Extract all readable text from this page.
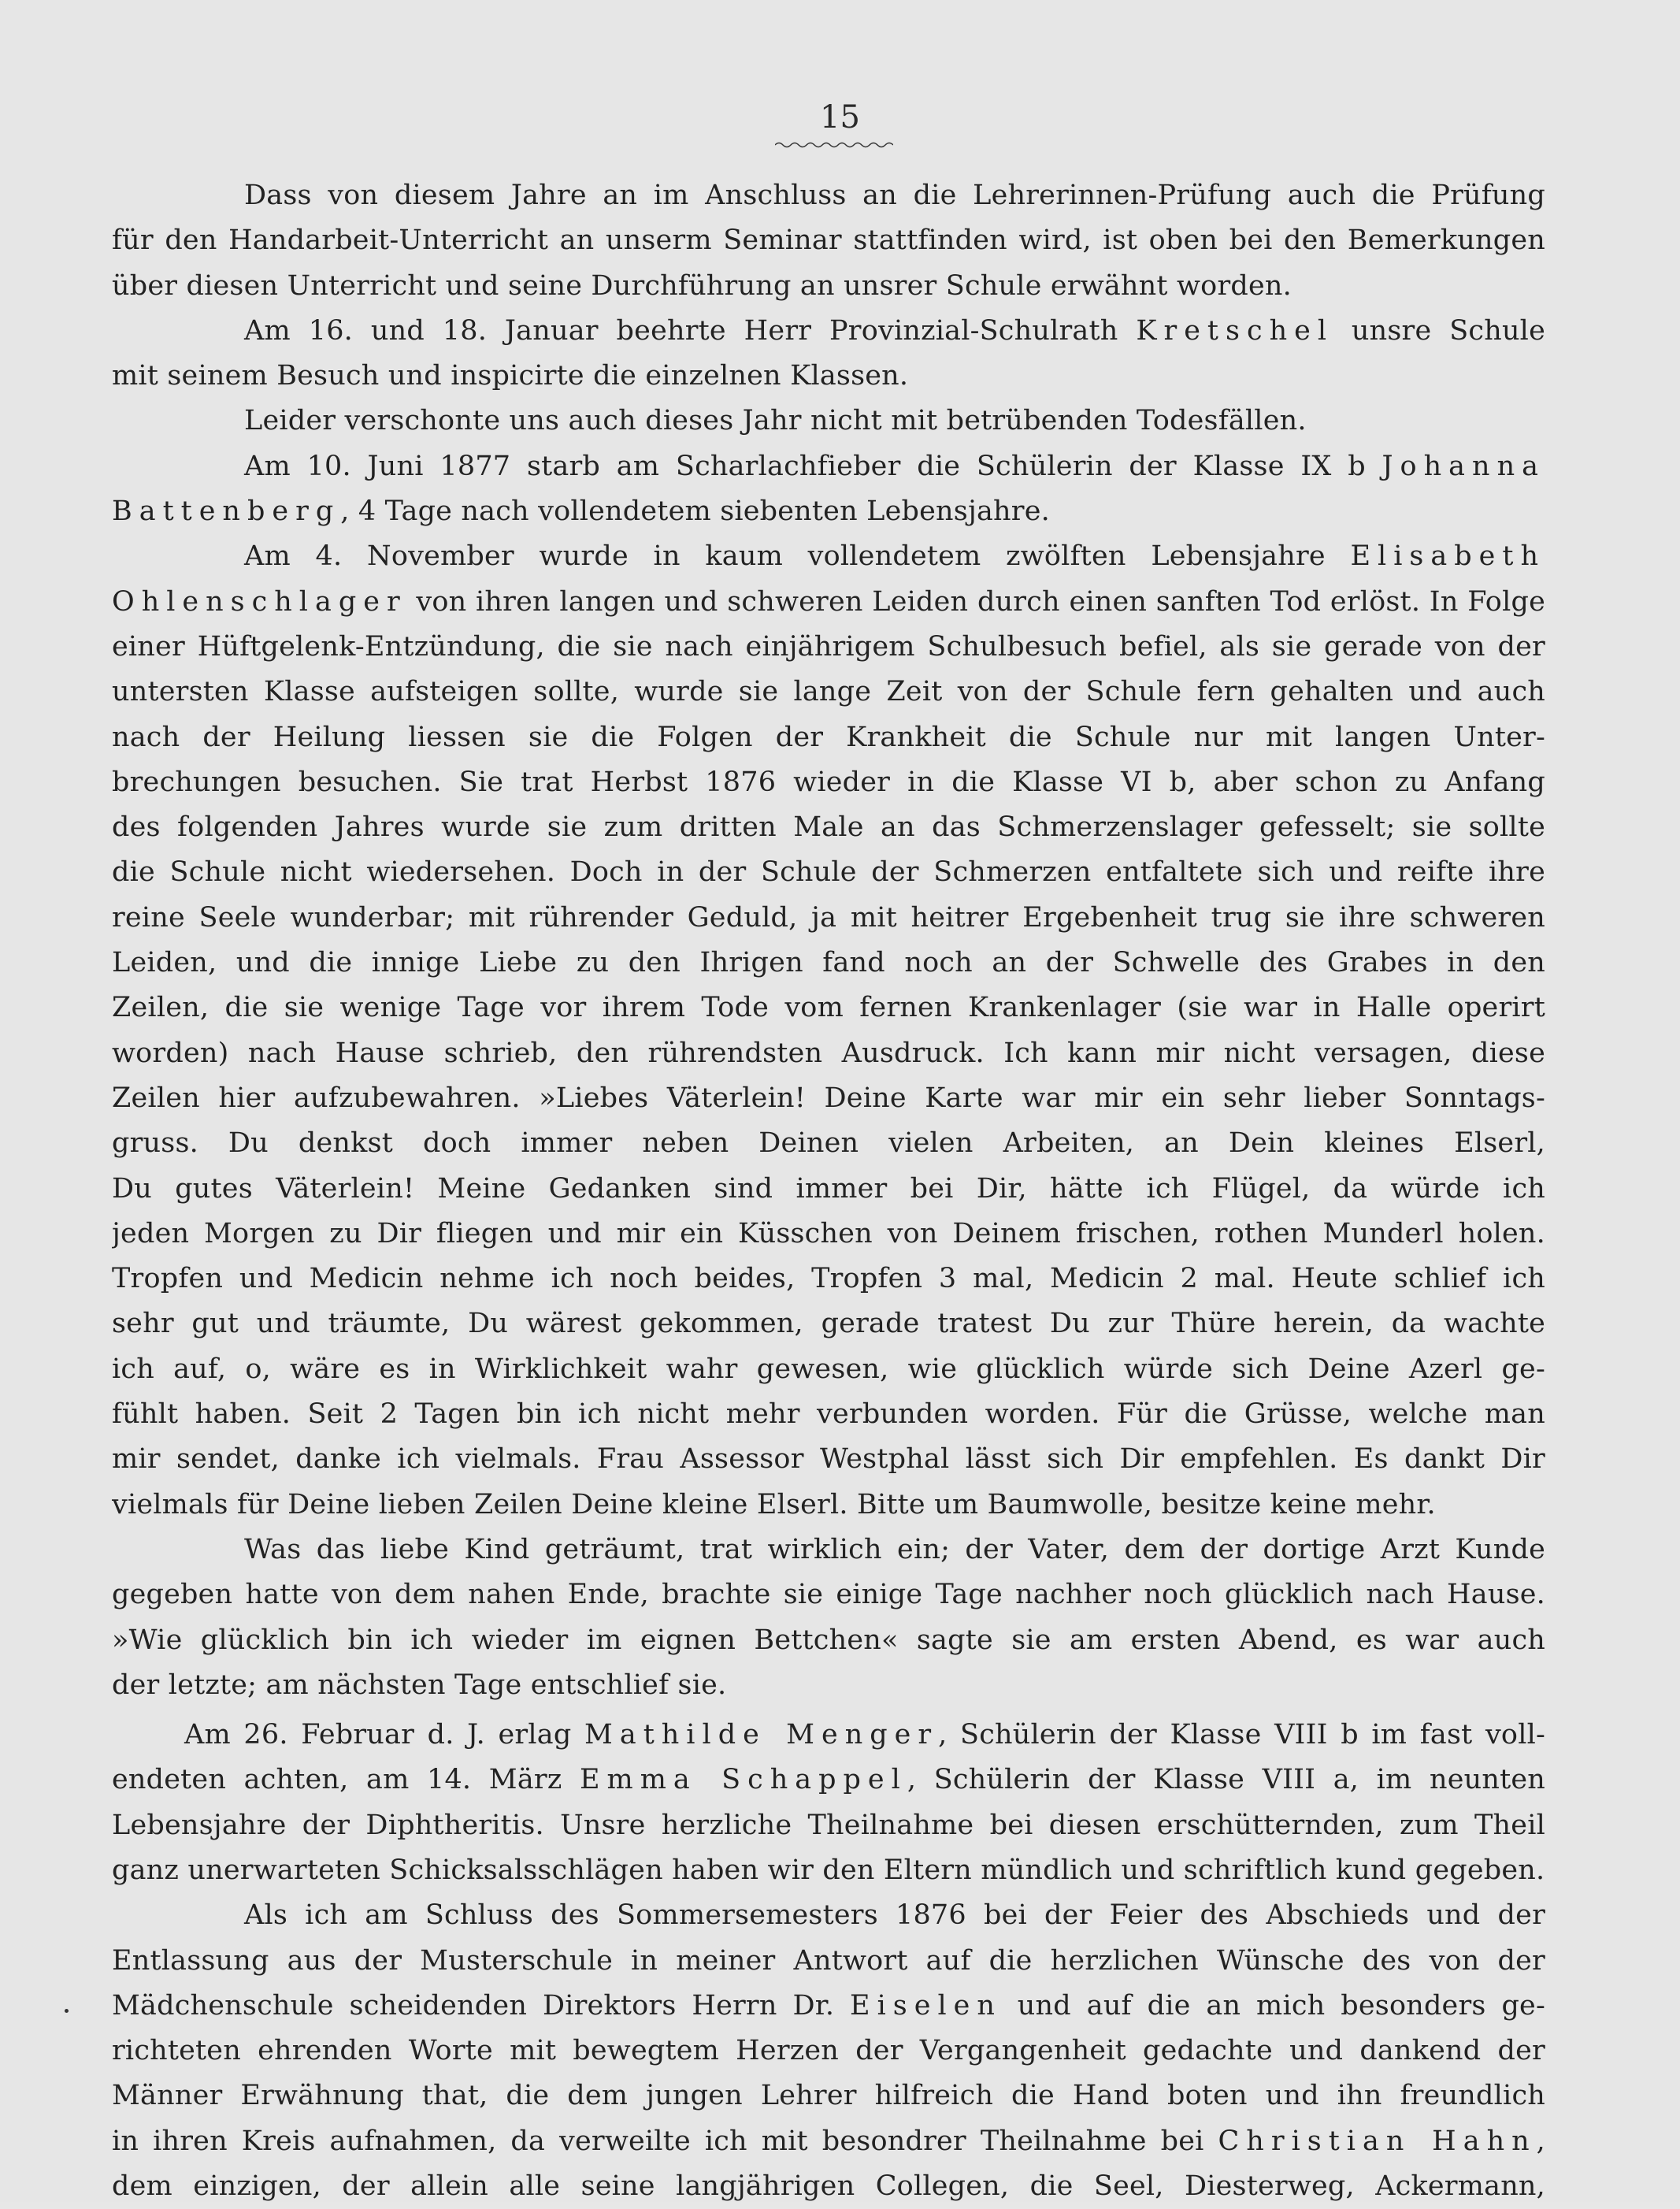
15
Dass von diesem Jahre an im Anschluss an die Lehrerinnen-Prüfung auch die Prüfung
für den Handarbeit-Unterricht an unserm Seminar stattfinden wird, ist oben bei den Bemerkungen
über diesen Unterricht und seine Durchführung an unsrer Schule erwähnt worden.
Am 16. und 18. Januar beehrte Herr Provinzial-Schulrath Kretschel unsre Schule
mit seinem Besuch und inspicirte die einzelnen Klassen.
Leider verschonte uns auch dieses Jahr nicht mit betrübenden Todesfällen.
Am 10. Juni 1877 starb am Scharlachfieber die Schülerin der Klasse IX b Johanna
Battenberg, 4 Tage nach vollendetem siebenten Lebensjahre.
Am 4. November wurde in kaum vollendetem zwölften Lebensjahre Elisabeth
Ohlenschlager von ihren langen und schweren Leiden durch einen sanften Tod erlöst. In Folge
einer Hüftgelenk-Entzündung, die sie nach einjährigem Schulbesuch befiel, als sie gerade von der
untersten Klasse aufsteigen sollte, wurde sie lange Zeit von der Schule fern gehalten und auch
nach der Heilung liessen sie die Folgen der Krankheit die Schule nur mit langen Unter-
brechungen besuchen. Sie trat Herbst 1876 wieder in die Klasse VI b, aber schon zu Anfang
des folgenden Jahres wurde sie zum dritten Male an das Schmerzenslager gefesselt; sie sollte
die Schule nicht wiedersehen. Doch in der Schule der Schmerzen entfaltete sich und reifte ihre
reine Seele wunderbar; mit rührender Geduld, ja mit heitrer Ergebenheit trug sie ihre schweren
Leiden, und die innige Liebe zu den Ihrigen fand noch an der Schwelle des Grabes in den
Zeilen, die sie wenige Tage vor ihrem Tode vom fernen Krankenlager (sie war in Halle operirt
worden) nach Hause schrieb, den rührendsten Ausdruck. Ich kann mir nicht versagen, diese
Zeilen hier aufzubewahren. »Liebes Väterlein! Deine Karte war mir ein sehr lieber Sonntags-
gruss. Du denkst doch immer neben Deinen vielen Arbeiten, an Dein kleines Elserl,
Du gutes Väterlein! Meine Gedanken sind immer bei Dir, hätte ich Flügel, da würde ich
jeden Morgen zu Dir fliegen und mir ein Küsschen von Deinem frischen, rothen Munderl holen.
Tropfen und Medicin nehme ich noch beides, Tropfen 3 mal, Medicin 2 mal. Heute schlief ich
sehr gut und träumte, Du wärest gekommen, gerade tratest Du zur Thüre herein, da wachte
ich auf, o, wäre es in Wirklichkeit wahr gewesen, wie glücklich würde sich Deine Azerl ge-
fühlt haben. Seit 2 Tagen bin ich nicht mehr verbunden worden. Für die Grüsse, welche man
mir sendet, danke ich vielmals. Frau Assessor Westphal lässt sich Dir empfehlen. Es dankt Dir
vielmals für Deine lieben Zeilen Deine kleine Elserl. Bitte um Baumwolle, besitze keine mehr.
Was das liebe Kind geträumt, trat wirklich ein; der Vater, dem der dortige Arzt Kunde
gegeben hatte von dem nahen Ende, brachte sie einige Tage nachher noch glücklich nach Hause.
»Wie glücklich bin ich wieder im eignen Bettchen« sagte sie am ersten Abend, es war auch
der letzte; am nächsten Tage entschlief sie.
Am 26. Februar d. J. erlag Mathilde Menger, Schülerin der Klasse VIII b im fast voll-
endeten achten, am 14. März Emma Schappel, Schülerin der Klasse VIII a, im neunten
Lebensjahre der Diphtheritis. Unsre herzliche Theilnahme bei diesen erschütternden, zum Theil
ganz unerwarteten Schicksalsschlägen haben wir den Eltern mündlich und schriftlich kund gegeben.
Als ich am Schluss des Sommersemesters 1876 bei der Feier des Abschieds und der
Entlassung aus der Musterschule in meiner Antwort auf die herzlichen Wünsche des von der
Mädchenschule scheidenden Direktors Herrn Dr. Eiselen und auf die an mich besonders ge-
richteten ehrenden Worte mit bewegtem Herzen der Vergangenheit gedachte und dankend der
Männer Erwähnung that, die dem jungen Lehrer hilfreich die Hand boten und ihn freundlich
in ihren Kreis aufnahmen, da verweilte ich mit besondrer Theilnahme bei Christian Hahn,
dem einzigen, der allein alle seine langjährigen Collegen, die Seel, Diesterweg, Ackermann,
